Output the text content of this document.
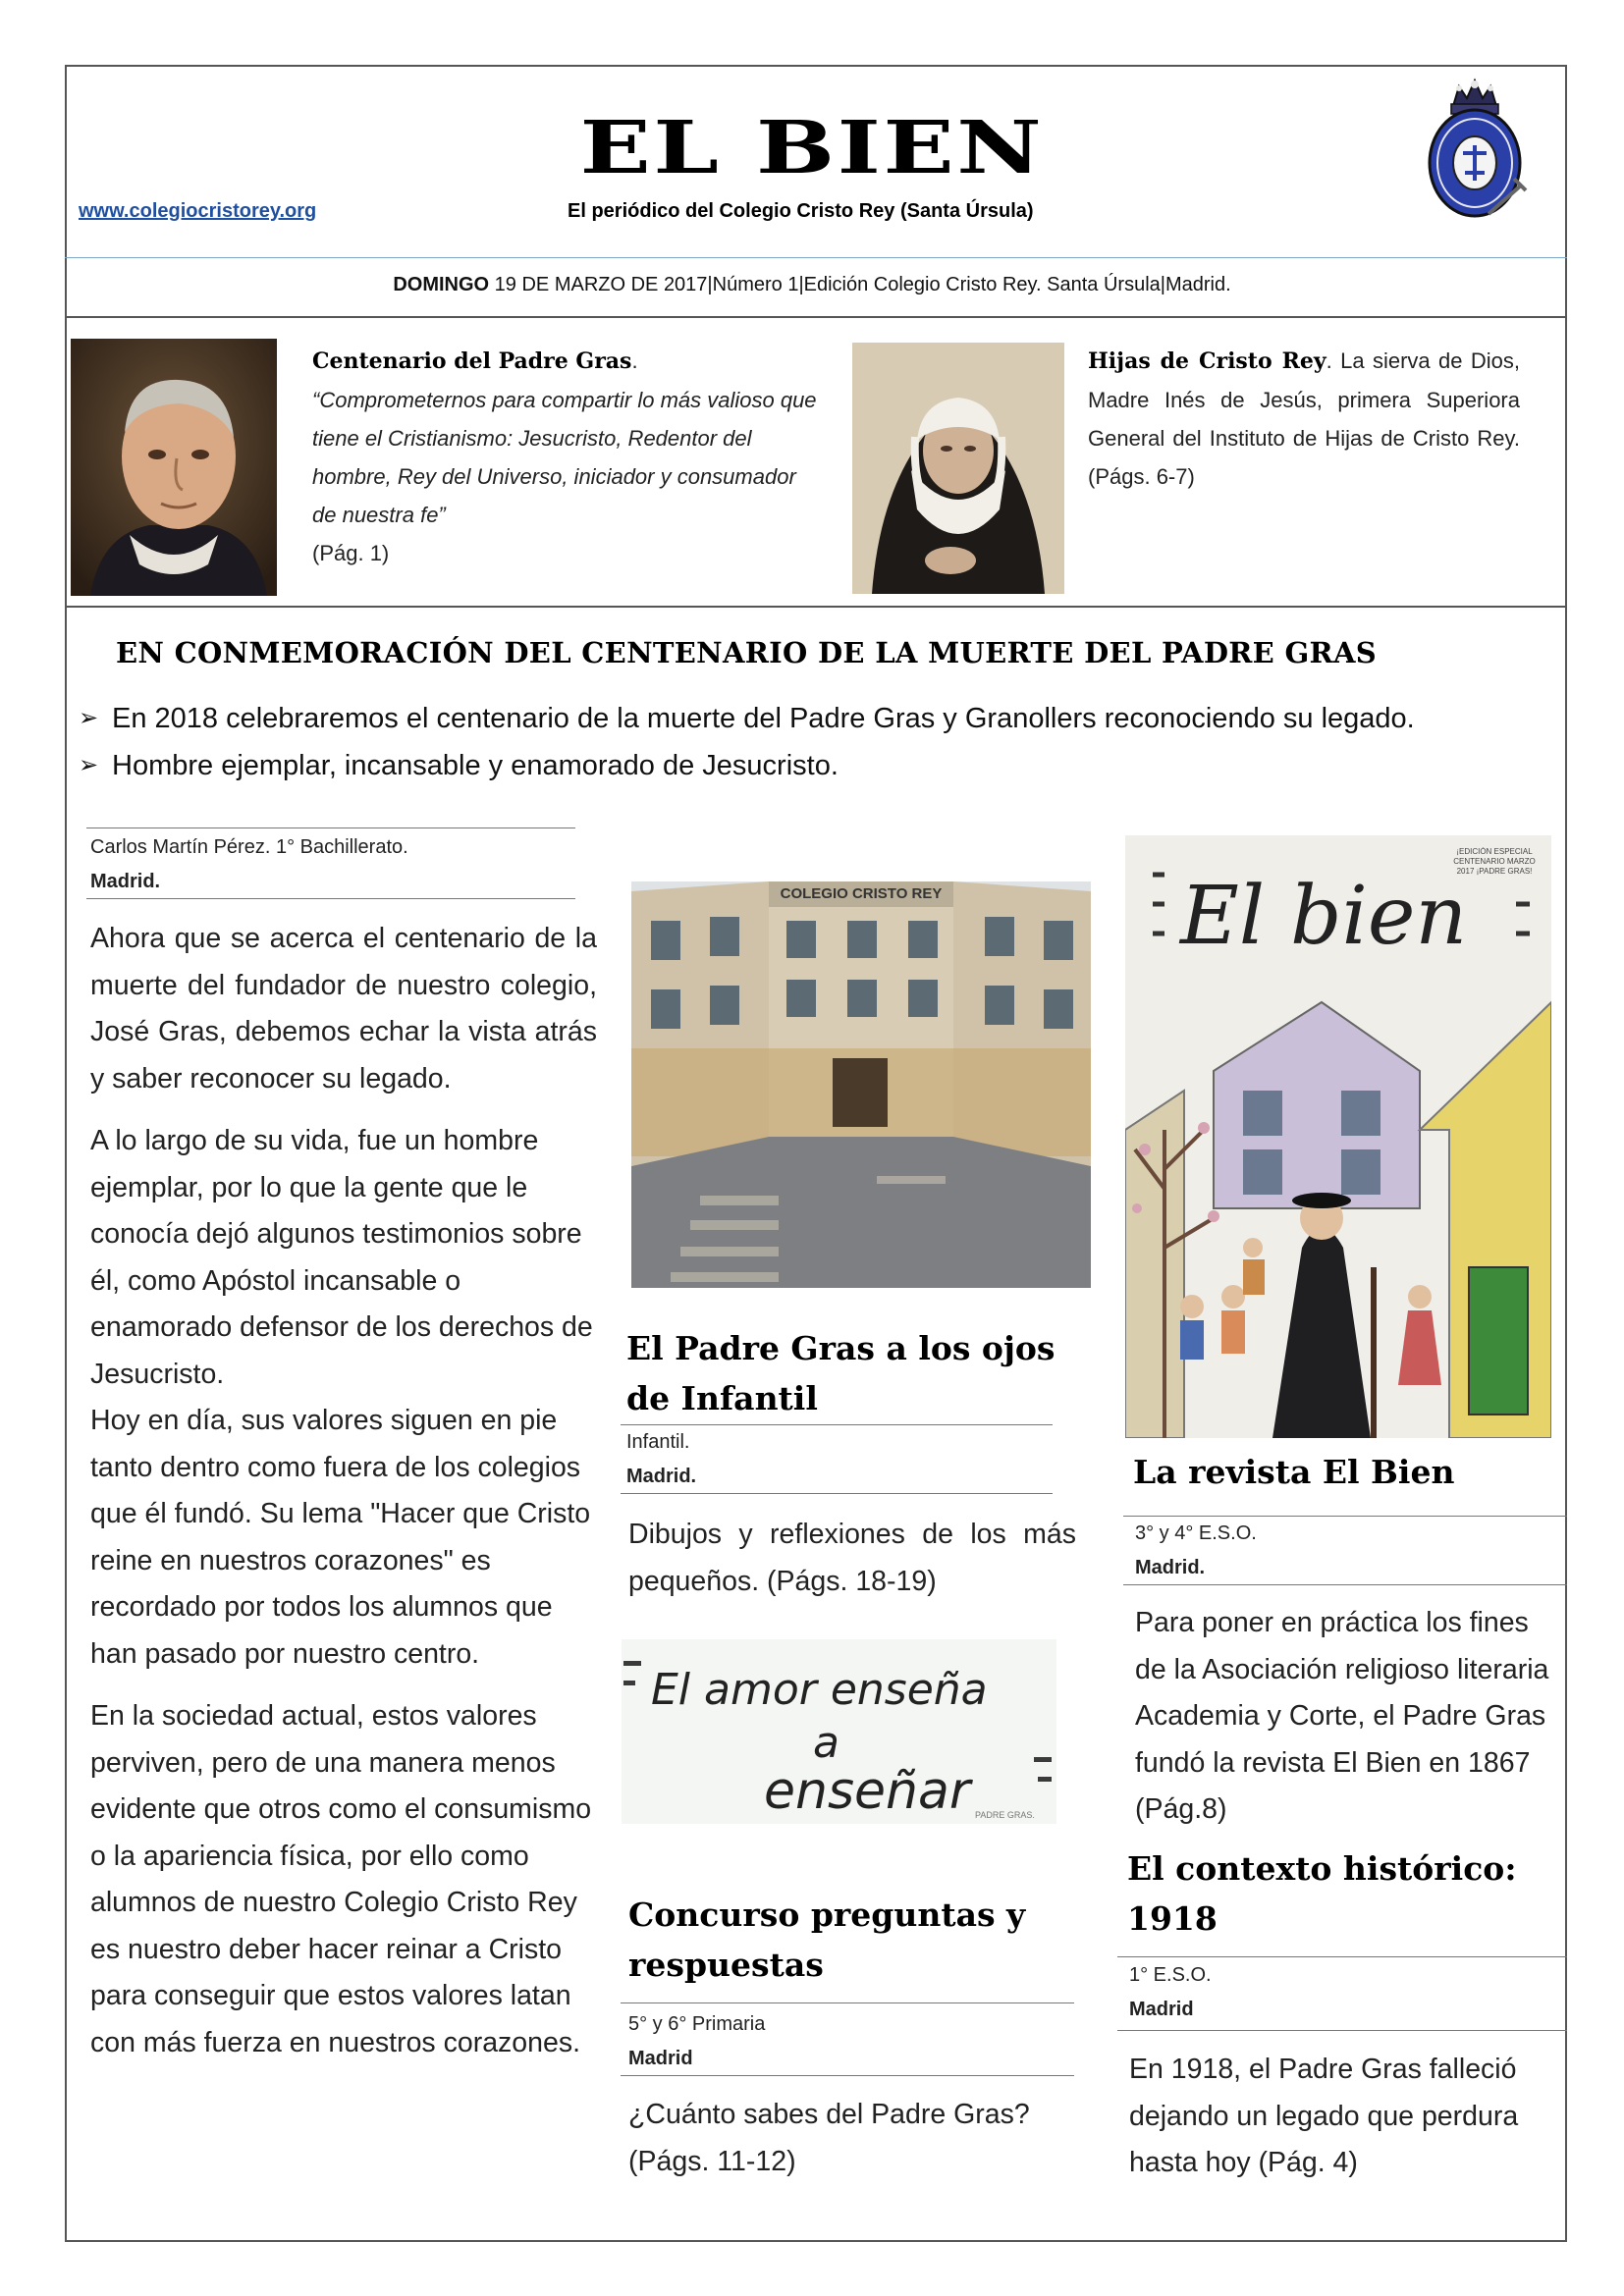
EL BIEN
www.colegiocristorey.org	El periódico del Colegio Cristo Rey (Santa Úrsula)
DOMINGO 19 DE MARZO DE 2017|Número 1|Edición Colegio Cristo Rey. Santa Úrsula|Madrid.
Centenario del Padre Gras.
“Comprometernos para compartir lo más valioso que tiene el Cristianismo: Jesucristo, Redentor del hombre, Rey del Universo, iniciador y consumador de nuestra fe”
(Pág. 1)
Hijas de Cristo Rey. La sierva de Dios, Madre Inés de Jesús, primera Superiora General del Instituto de Hijas de Cristo Rey. (Págs. 6-7)
EN CONMEMORACIÓN DEL CENTENARIO DE LA MUERTE DEL PADRE GRAS
➢ En 2018 celebraremos el centenario de la muerte del Padre Gras y Granollers reconociendo su legado.
➢ Hombre ejemplar, incansable y enamorado de Jesucristo.
Carlos Martín Pérez. 1° Bachillerato.
Madrid.

Ahora que se acerca el centenario de la muerte del fundador de nuestro colegio, José Gras, debemos echar la vista atrás y saber reconocer su legado.

A lo largo de su vida, fue un hombre ejemplar, por lo que la gente que le conocía dejó algunos testimonios sobre él, como Apóstol incansable o enamorado defensor de los derechos de Jesucristo.
Hoy en día, sus valores siguen en pie tanto dentro como fuera de los colegios que él fundó. Su lema "Hacer que Cristo reine en nuestros corazones" es recordado por todos los alumnos que han pasado por nuestro centro.

En la sociedad actual, estos valores perviven, pero de una manera menos evidente que otros como el consumismo o la apariencia física, por ello como alumnos de nuestro Colegio Cristo Rey es nuestro deber hacer reinar a Cristo para conseguir que estos valores latan con más fuerza en nuestros corazones.

COLEGIO CRISTO REY
El Padre Gras a los ojos de Infantil
Infantil.
Madrid.
Dibujos y reflexiones de los más pequeños. (Págs. 18-19)
El amor enseña
a
enseñar PADRE GRAS.
Concurso preguntas y respuestas
5° y 6° Primaria
Madrid
¿Cuánto sabes del Padre Gras? (Págs. 11-12)
El bien
¡EDICIÓN ESPECIAL CENTENARIO MARZO 2017 ¡PADRE GRAS!
La revista El Bien
3° y 4° E.S.O.
Madrid.
Para poner en práctica los fines de la Asociación religioso literaria Academia y Corte, el Padre Gras fundó la revista El Bien en 1867 (Pág.8)
El contexto histórico: 1918
1° E.S.O.
Madrid
En 1918, el Padre Gras falleció dejando un legado que perdura hasta hoy (Pág. 4)
